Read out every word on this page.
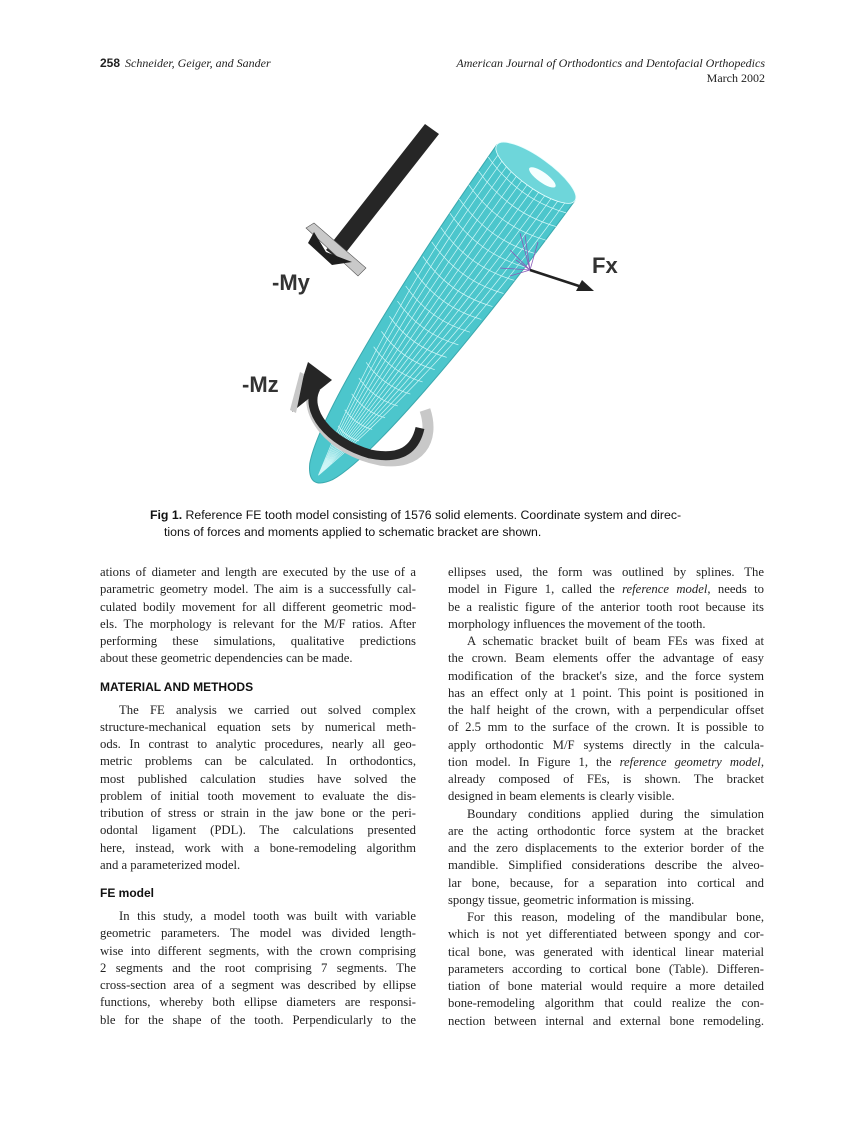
258 Schneider, Geiger, and Sander	American Journal of Orthodontics and Dentofacial Orthopedics
March 2002
-My
Fx
-Mz
Fig 1. Reference FE tooth model consisting of 1576 solid elements. Coordinate system and direc-
tions of forces and moments applied to schematic bracket are shown.
ations of diameter and length are executed by the use of a
parametric geometry model. The aim is a successfully cal-
culated bodily movement for all different geometric mod-
els. The morphology is relevant for the M/F ratios. After
performing these simulations, qualitative predictions
about these geometric dependencies can be made.
MATERIAL AND METHODS
The FE analysis we carried out solved complex
structure-mechanical equation sets by numerical meth-
ods. In contrast to analytic procedures, nearly all geo-
metric problems can be calculated. In orthodontics,
most published calculation studies have solved the
problem of initial tooth movement to evaluate the dis-
tribution of stress or strain in the jaw bone or the peri-
odontal ligament (PDL). The calculations presented
here, instead, work with a bone-remodeling algorithm
and a parameterized model.
FE model
In this study, a model tooth was built with variable
geometric parameters. The model was divided length-
wise into different segments, with the crown comprising
2 segments and the root comprising 7 segments. The
cross-section area of a segment was described by ellipse
functions, whereby both ellipse diameters are responsi-
ble for the shape of the tooth. Perpendicularly to the
ellipses used, the form was outlined by splines. The
model in Figure 1, called the reference model, needs to
be a realistic figure of the anterior tooth root because its
morphology influences the movement of the tooth.
A schematic bracket built of beam FEs was fixed at
the crown. Beam elements offer the advantage of easy
modification of the bracket's size, and the force system
has an effect only at 1 point. This point is positioned in
the half height of the crown, with a perpendicular offset
of 2.5 mm to the surface of the crown. It is possible to
apply orthodontic M/F systems directly in the calcula-
tion model. In Figure 1, the reference geometry model,
already composed of FEs, is shown. The bracket
designed in beam elements is clearly visible.
Boundary conditions applied during the simulation
are the acting orthodontic force system at the bracket
and the zero displacements to the exterior border of the
mandible. Simplified considerations describe the alveo-
lar bone, because, for a separation into cortical and
spongy tissue, geometric information is missing.
For this reason, modeling of the mandibular bone,
which is not yet differentiated between spongy and cor-
tical bone, was generated with identical linear material
parameters according to cortical bone (Table). Differen-
tiation of bone material would require a more detailed
bone-remodeling algorithm that could realize the con-
nection between internal and external bone remodeling.
